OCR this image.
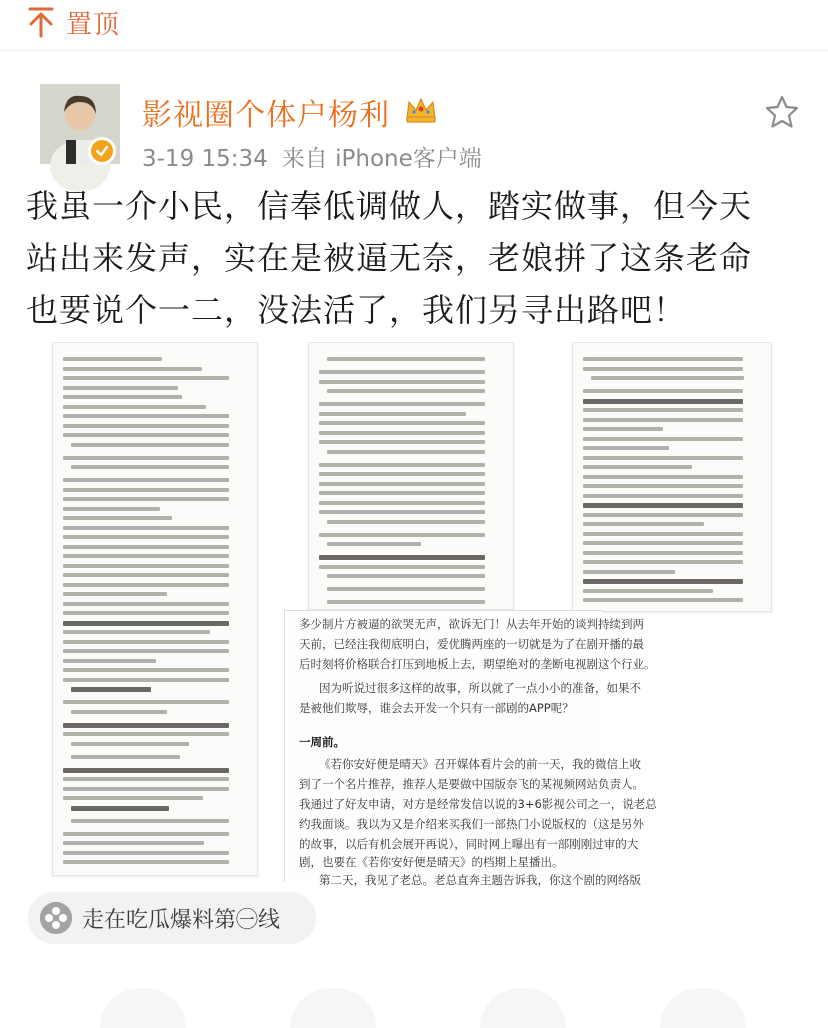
置顶
影视圈个体户杨利
3-19 15:34 来自 iPhone客户端

我虽一介小民，信奉低调做人，踏实做事，但今天

站出来发声，实在是被逼无奈，老娘拼了这条老命

也要说个一二，没法活了，我们另寻出路吧！

多少制片方被逼的欲哭无声，欲诉无门！从去年开始的谈判持续到两
天前，已经注我彻底明白，爱优腾两座的一切就是为了在剧开播的最
后时刻将价格联合打压到地板上去，期望绝对的垄断电视剧这个行业。
因为听说过很多这样的故事，所以就了一点小小的准备，如果不
是被他们欺辱，谁会去开发一个只有一部剧的APP呢？
一周前。
《若你安好便是晴天》召开媒体看片会的前一天，我的微信上收
到了一个名片推荐，推荐人是要做中国版奈飞的某视频网站负责人。
我通过了好友申请，对方是经常发信以说的3+6影视公司之一，说老总
约我面谈。我以为又是介绍来买我们一部热门小说版权的（这是另外
的故事，以后有机会展开再说），同时网上曝出有一部刚刚过审的大
剧，也要在《若你安好便是晴天》的档期上星播出。
第二天，我见了老总。老总直奔主题告诉我，你这个剧的网络版
走在吃瓜爆料第㊀线
